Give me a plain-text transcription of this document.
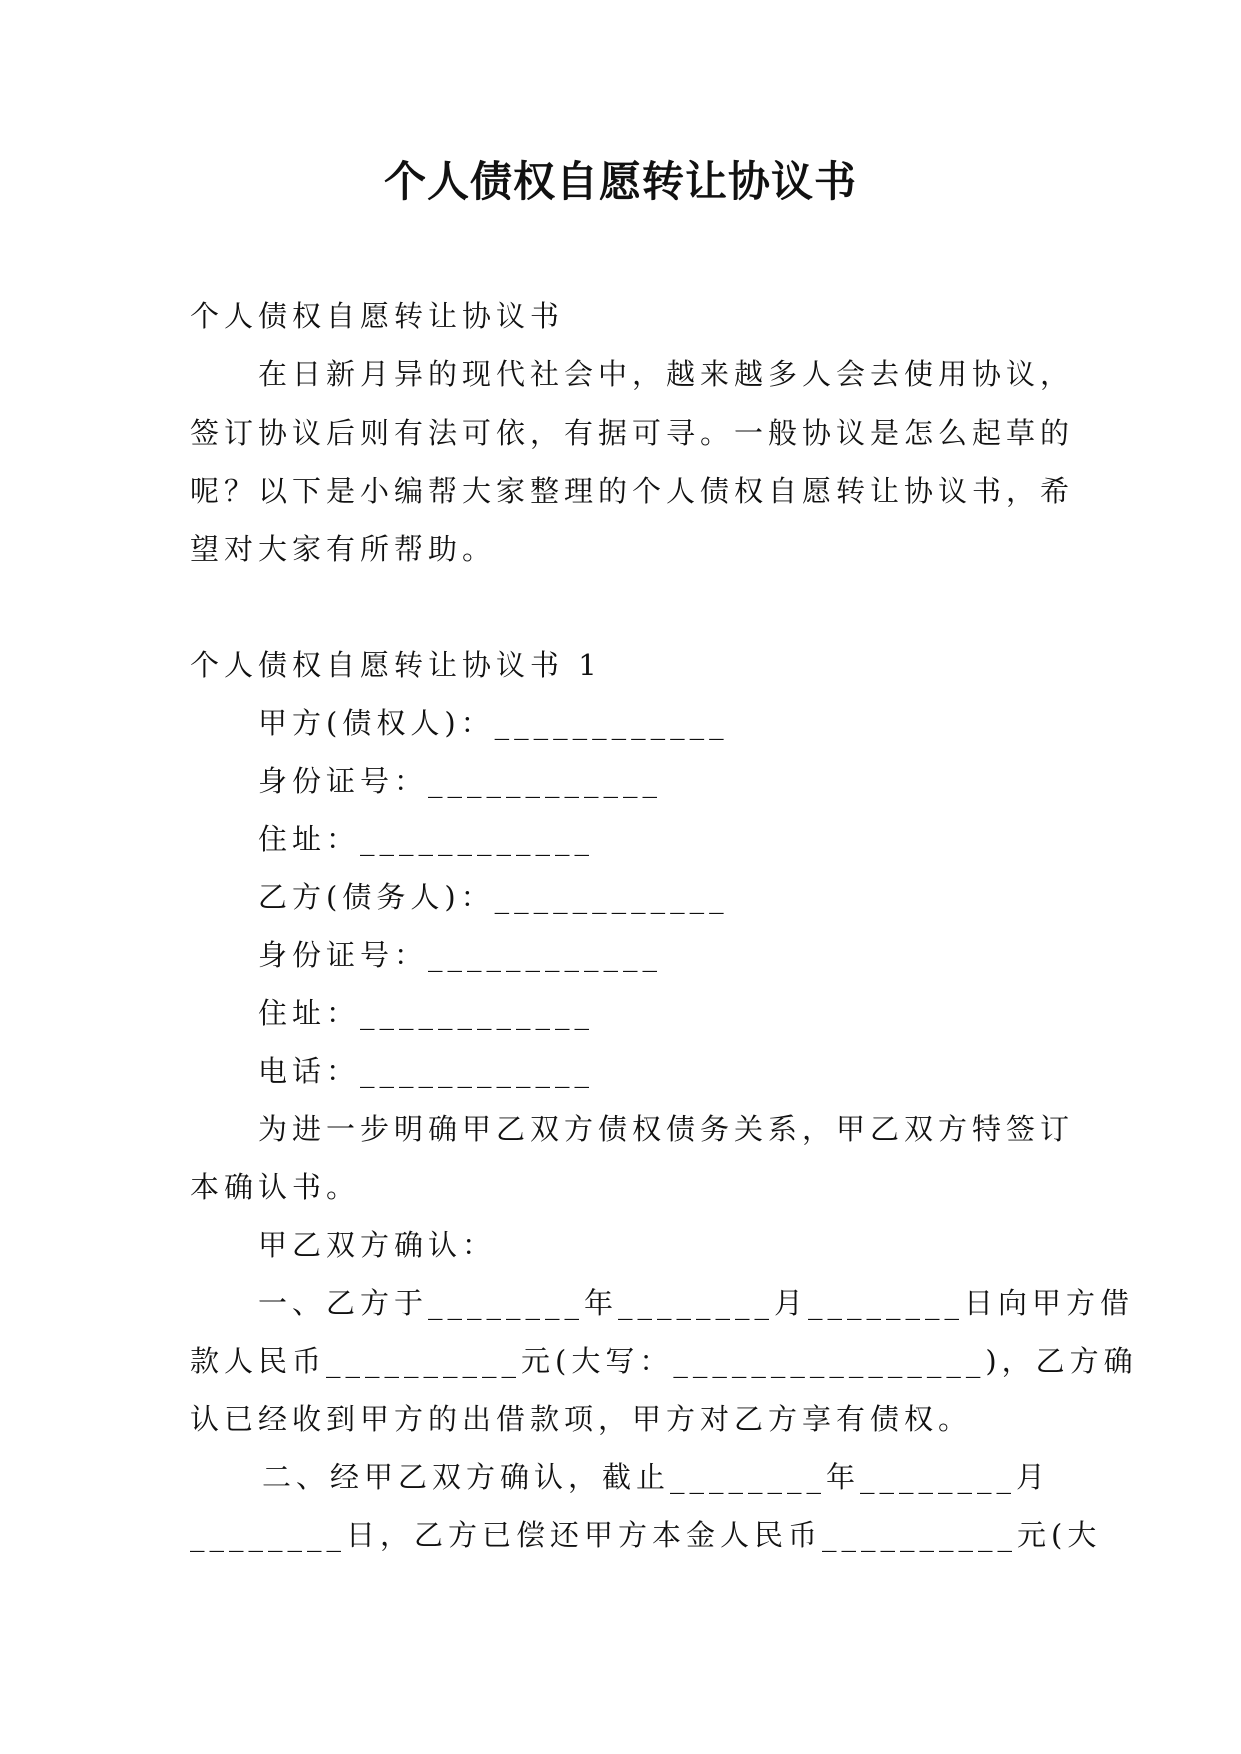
个人债权自愿转让协议书

个人债权自愿转让协议书

在日新月异的现代社会中，越来越多人会去使用协议，

签订协议后则有法可依，有据可寻。一般协议是怎么起草的

呢？以下是小编帮大家整理的个人债权自愿转让协议书，希

望对大家有所帮助。

个人债权自愿转让协议书 1

甲方(债权人)：____________

身份证号：____________

住址：____________

乙方(债务人)：____________

身份证号：____________

住址：____________

电话：____________

为进一步明确甲乙双方债权债务关系，甲乙双方特签订

本确认书。

甲乙双方确认：

一、乙方于________年________月________日向甲方借

款人民币__________元(大写：________________)，乙方确

认已经收到甲方的出借款项，甲方对乙方享有债权。

二、经甲乙双方确认，截止________年________月

________日，乙方已偿还甲方本金人民币__________元(大
